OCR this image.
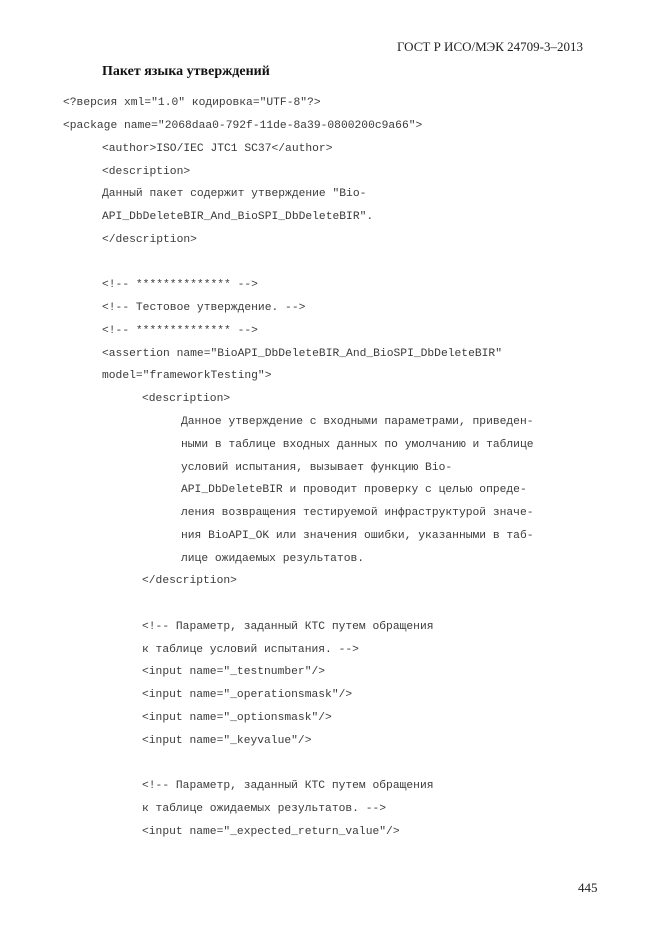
ГОСТ Р ИСО/МЭК 24709-3–2013
Пакет языка утверждений
<?версия xml="1.0" кодировка="UTF-8"?>
<package name="2068daa0-792f-11de-8a39-0800200c9a66">
<author>ISO/IEC JTC1 SC37</author>
<description>
Данный пакет содержит утверждение "Bio-
API_DbDeleteBIR_And_BioSPI_DbDeleteBIR".
</description>
<!-- ************** -->
<!-- Тестовое утверждение. -->
<!-- ************** -->
<assertion name="BioAPI_DbDeleteBIR_And_BioSPI_DbDeleteBIR"
model="frameworkTesting">
<description>
Данное утверждение с входными параметрами, приведен-
ными в таблице входных данных по умолчанию и таблице
условий испытания, вызывает функцию Bio-
API_DbDeleteBIR и проводит проверку с целью опреде-
ления возвращения тестируемой инфраструктурой значе-
ния BioAPI_OK или значения ошибки, указанными в таб-
лице ожидаемых результатов.
</description>
<!-- Параметр, заданный КТС путем обращения
к таблице условий испытания. -->
<input name="_testnumber"/>
<input name="_operationsmask"/>
<input name="_optionsmask"/>
<input name="_keyvalue"/>
<!-- Параметр, заданный КТС путем обращения
к таблице ожидаемых результатов. -->
<input name="_expected_return_value"/>
445
